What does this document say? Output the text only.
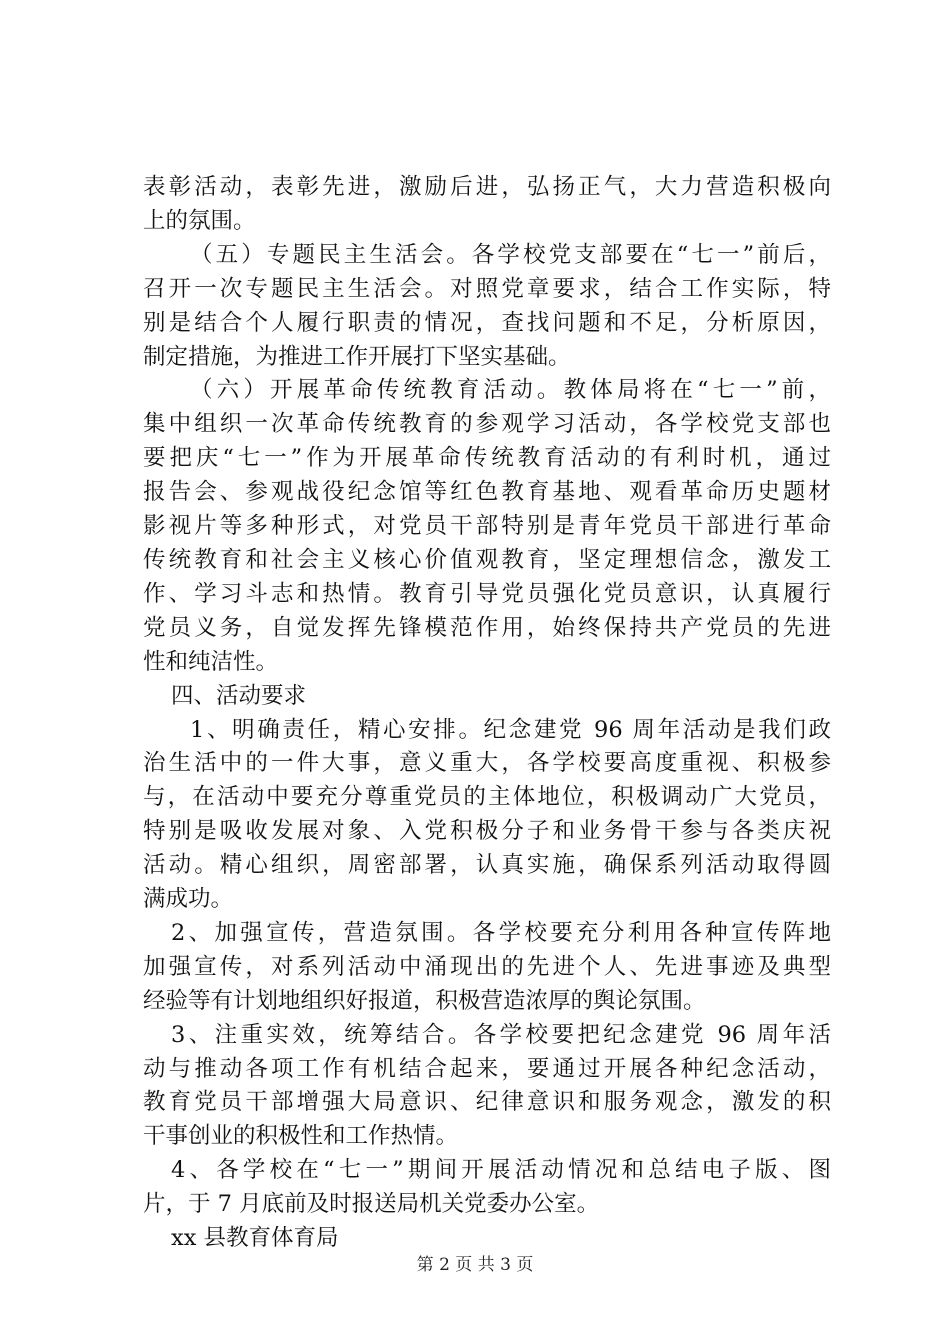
表彰活动，表彰先进，激励后进，弘扬正气，大力营造积极向
上的氛围。
（五）专题民主生活会。各学校党支部要在“七一”前后，
召开一次专题民主生活会。对照党章要求，结合工作实际，特
别是结合个人履行职责的情况，查找问题和不足，分析原因，
制定措施，为推进工作开展打下坚实基础。
（六）开展革命传统教育活动。教体局将在“七一”前，
集中组织一次革命传统教育的参观学习活动，各学校党支部也
要把庆“七一”作为开展革命传统教育活动的有利时机，通过
报告会、参观战役纪念馆等红色教育基地、观看革命历史题材
影视片等多种形式，对党员干部特别是青年党员干部进行革命
传统教育和社会主义核心价值观教育，坚定理想信念，激发工
作、学习斗志和热情。教育引导党员强化党员意识，认真履行
党员义务，自觉发挥先锋模范作用，始终保持共产党员的先进
性和纯洁性。
四、活动要求
1、明确责任，精心安排。纪念建党 96 周年活动是我们政
治生活中的一件大事，意义重大，各学校要高度重视、积极参
与，在活动中要充分尊重党员的主体地位，积极调动广大党员，
特别是吸收发展对象、入党积极分子和业务骨干参与各类庆祝
活动。精心组织，周密部署，认真实施，确保系列活动取得圆
满成功。
2、加强宣传，营造氛围。各学校要充分利用各种宣传阵地
加强宣传，对系列活动中涌现出的先进个人、先进事迹及典型
经验等有计划地组织好报道，积极营造浓厚的舆论氛围。
3、注重实效，统筹结合。各学校要把纪念建党 96 周年活
动与推动各项工作有机结合起来，要通过开展各种纪念活动，
教育党员干部增强大局意识、纪律意识和服务观念，激发的积
干事创业的积极性和工作热情。
4、各学校在“七一”期间开展活动情况和总结电子版、图
片，于 7 月底前及时报送局机关党委办公室。
xx 县教育体育局
第 2 页 共 3 页
